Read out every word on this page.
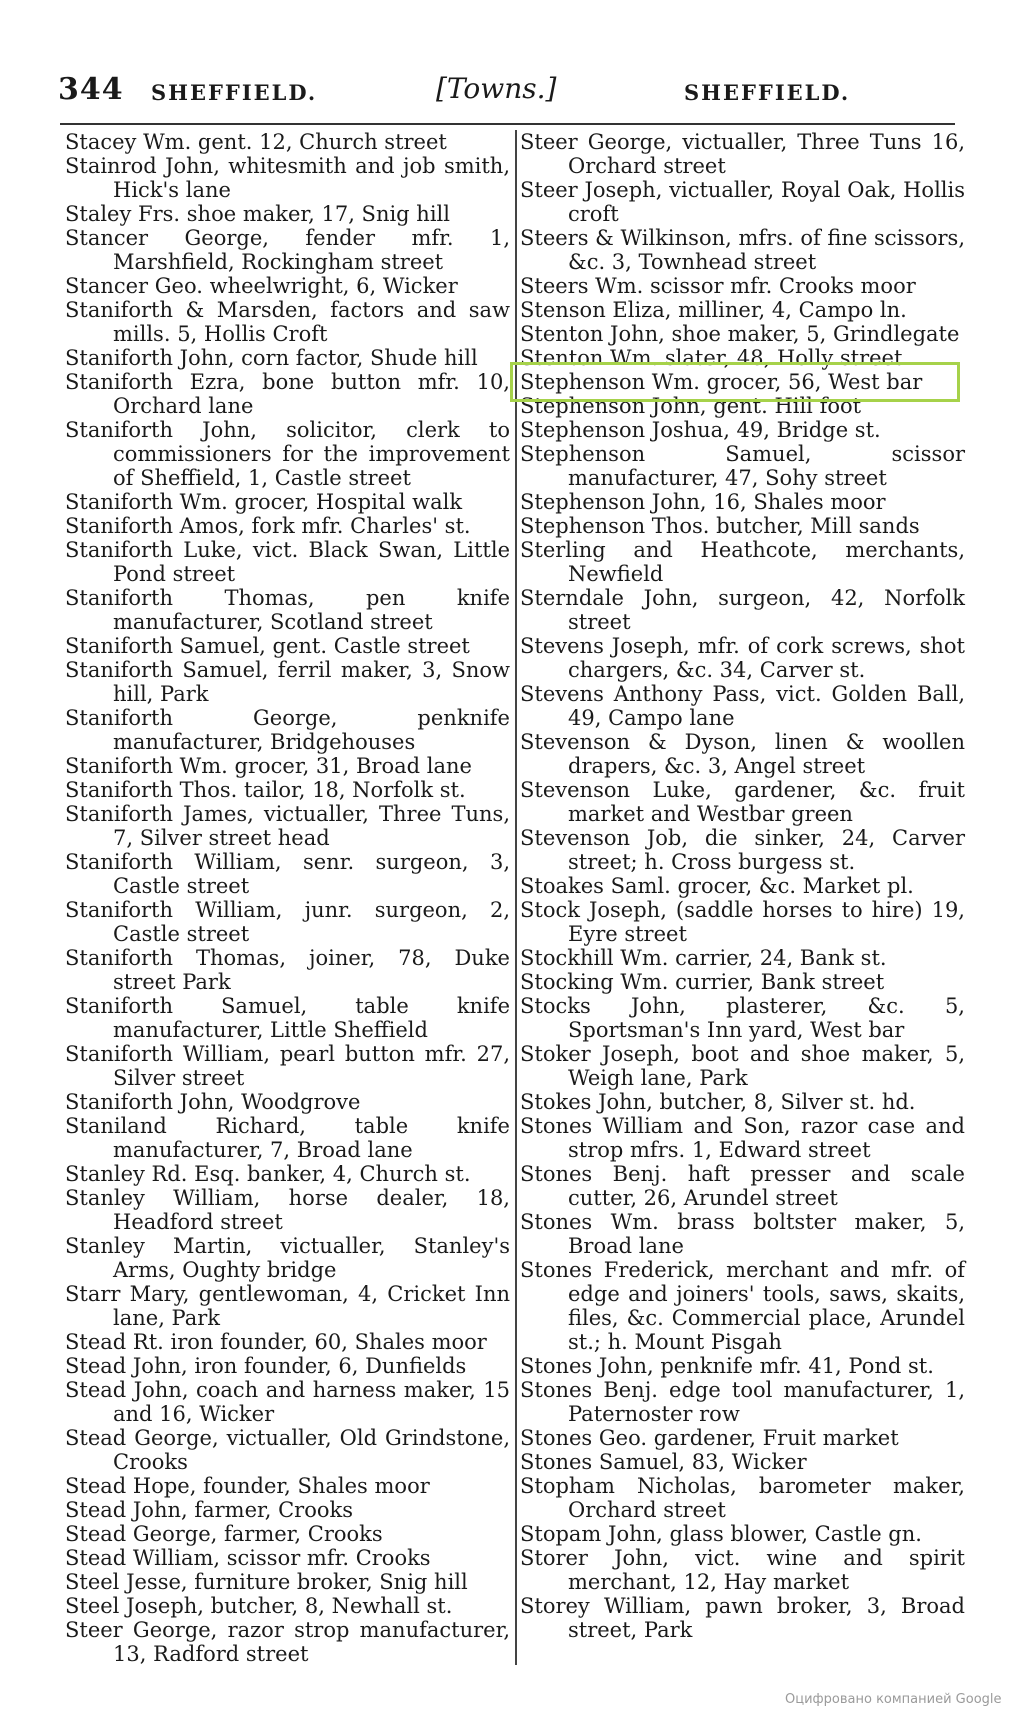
344 SHEFFIELD.	[Towns.]	SHEFFIELD.
Stacey Wm. gent. 12, Church street
Stainrod John, whitesmith and job smith, Hick's lane
Staley Frs. shoe maker, 17, Snig hill
Stancer George, fender mfr. 1, Marshfield, Rockingham street
Stancer Geo. wheelwright, 6, Wicker
Staniforth & Marsden, factors and saw mills. 5, Hollis Croft
Staniforth John, corn factor, Shude hill
Staniforth Ezra, bone button mfr. 10, Orchard lane
Staniforth John, solicitor, clerk to commissioners for the improvement of Sheffield, 1, Castle street
Staniforth Wm. grocer, Hospital walk
Staniforth Amos, fork mfr. Charles' st.
Staniforth Luke, vict. Black Swan, Little Pond street
Staniforth Thomas, pen knife manufacturer, Scotland street
Staniforth Samuel, gent. Castle street
Staniforth Samuel, ferril maker, 3, Snow hill, Park
Staniforth George, penknife manufacturer, Bridgehouses
Staniforth Wm. grocer, 31, Broad lane
Staniforth Thos. tailor, 18, Norfolk st.
Staniforth James, victualler, Three Tuns, 7, Silver street head
Staniforth William, senr. surgeon, 3, Castle street
Staniforth William, junr. surgeon, 2, Castle street
Staniforth Thomas, joiner, 78, Duke street Park
Staniforth Samuel, table knife manufacturer, Little Sheffield
Staniforth William, pearl button mfr. 27, Silver street
Staniforth John, Woodgrove
Staniland Richard, table knife manufacturer, 7, Broad lane
Stanley Rd. Esq. banker, 4, Church st.
Stanley William, horse dealer, 18, Headford street
Stanley Martin, victualler, Stanley's Arms, Oughty bridge
Starr Mary, gentlewoman, 4, Cricket Inn lane, Park
Stead Rt. iron founder, 60, Shales moor
Stead John, iron founder, 6, Dunfields
Stead John, coach and harness maker, 15 and 16, Wicker
Stead George, victualler, Old Grindstone, Crooks
Stead Hope, founder, Shales moor
Stead John, farmer, Crooks
Stead George, farmer, Crooks
Stead William, scissor mfr. Crooks
Steel Jesse, furniture broker, Snig hill
Steel Joseph, butcher, 8, Newhall st.
Steer George, razor strop manufacturer, 13, Radford street
Steer George, victualler, Three Tuns 16, Orchard street
Steer Joseph, victualler, Royal Oak, Hollis croft
Steers & Wilkinson, mfrs. of fine scissors, &c. 3, Townhead street
Steers Wm. scissor mfr. Crooks moor
Stenson Eliza, milliner, 4, Campo ln.
Stenton John, shoe maker, 5, Grindlegate
Stenton Wm. slater, 48, Holly street
Stephenson Wm. grocer, 56, West bar
Stephenson John, gent. Hill foot
Stephenson Joshua, 49, Bridge st.
Stephenson Samuel, scissor manufacturer, 47, Sohy street
Stephenson John, 16, Shales moor
Stephenson Thos. butcher, Mill sands
Sterling and Heathcote, merchants, Newfield
Sterndale John, surgeon, 42, Norfolk street
Stevens Joseph, mfr. of cork screws, shot chargers, &c. 34, Carver st.
Stevens Anthony Pass, vict. Golden Ball, 49, Campo lane
Stevenson & Dyson, linen & woollen drapers, &c. 3, Angel street
Stevenson Luke, gardener, &c. fruit market and Westbar green
Stevenson Job, die sinker, 24, Carver street; h. Cross burgess st.
Stoakes Saml. grocer, &c. Market pl.
Stock Joseph, (saddle horses to hire) 19, Eyre street
Stockhill Wm. carrier, 24, Bank st.
Stocking Wm. currier, Bank street
Stocks John, plasterer, &c. 5, Sportsman's Inn yard, West bar
Stoker Joseph, boot and shoe maker, 5, Weigh lane, Park
Stokes John, butcher, 8, Silver st. hd.
Stones William and Son, razor case and strop mfrs. 1, Edward street
Stones Benj. haft presser and scale cutter, 26, Arundel street
Stones Wm. brass boltster maker, 5, Broad lane
Stones Frederick, merchant and mfr. of edge and joiners' tools, saws, skaits, files, &c. Commercial place, Arundel st.; h. Mount Pisgah
Stones John, penknife mfr. 41, Pond st.
Stones Benj. edge tool manufacturer, 1, Paternoster row
Stones Geo. gardener, Fruit market
Stones Samuel, 83, Wicker
Stopham Nicholas, barometer maker, Orchard street
Stopam John, glass blower, Castle gn.
Storer John, vict. wine and spirit merchant, 12, Hay market
Storey William, pawn broker, 3, Broad street, Park
Оцифровано компанией Google
